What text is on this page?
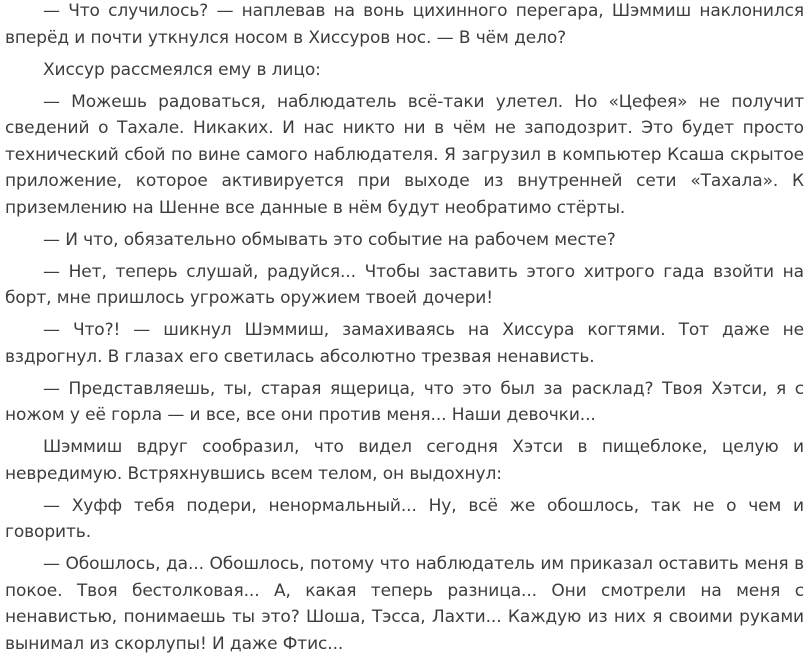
— Что случилось? — наплевав на вонь цихинного перегара, Шэммиш наклонился вперёд и почти уткнулся носом в Хиссуров нос. — В чём дело?

Хиссур рассмеялся ему в лицо:

— Можешь радоваться, наблюдатель всё-таки улетел. Но «Цефея» не получит сведений о Тахале. Никаких. И нас никто ни в чём не заподозрит. Это будет просто технический сбой по вине самого наблюдателя. Я загрузил в компьютер Ксаша скрытое приложение, которое активируется при выходе из внутренней сети «Тахала». К приземлению на Шенне все данные в нём будут необратимо стёрты.

— И что, обязательно обмывать это событие на рабочем месте?

— Нет, теперь слушай, радуйся... Чтобы заставить этого хитрого гада взойти на борт, мне пришлось угрожать оружием твоей дочери!

— Что?! — шикнул Шэммиш, замахиваясь на Хиссура когтями. Тот даже не вздрогнул. В глазах его светилась абсолютно трезвая ненависть.

— Представляешь, ты, старая ящерица, что это был за расклад? Твоя Хэтси, я с ножом у её горла — и все, все они против меня... Наши девочки...

Шэммиш вдруг сообразил, что видел сегодня Хэтси в пищеблоке, целую и невредимую. Встряхнувшись всем телом, он выдохнул:

— Хуфф тебя подери, ненормальный... Ну, всё же обошлось, так не о чем и говорить.

— Обошлось, да... Обошлось, потому что наблюдатель им приказал оставить меня в покое. Твоя бестолковая... А, какая теперь разница... Они смотрели на меня с ненавистью, понимаешь ты это? Шоша, Тэсса, Лахти... Каждую из них я своими руками вынимал из скорлупы! И даже Фтис...
